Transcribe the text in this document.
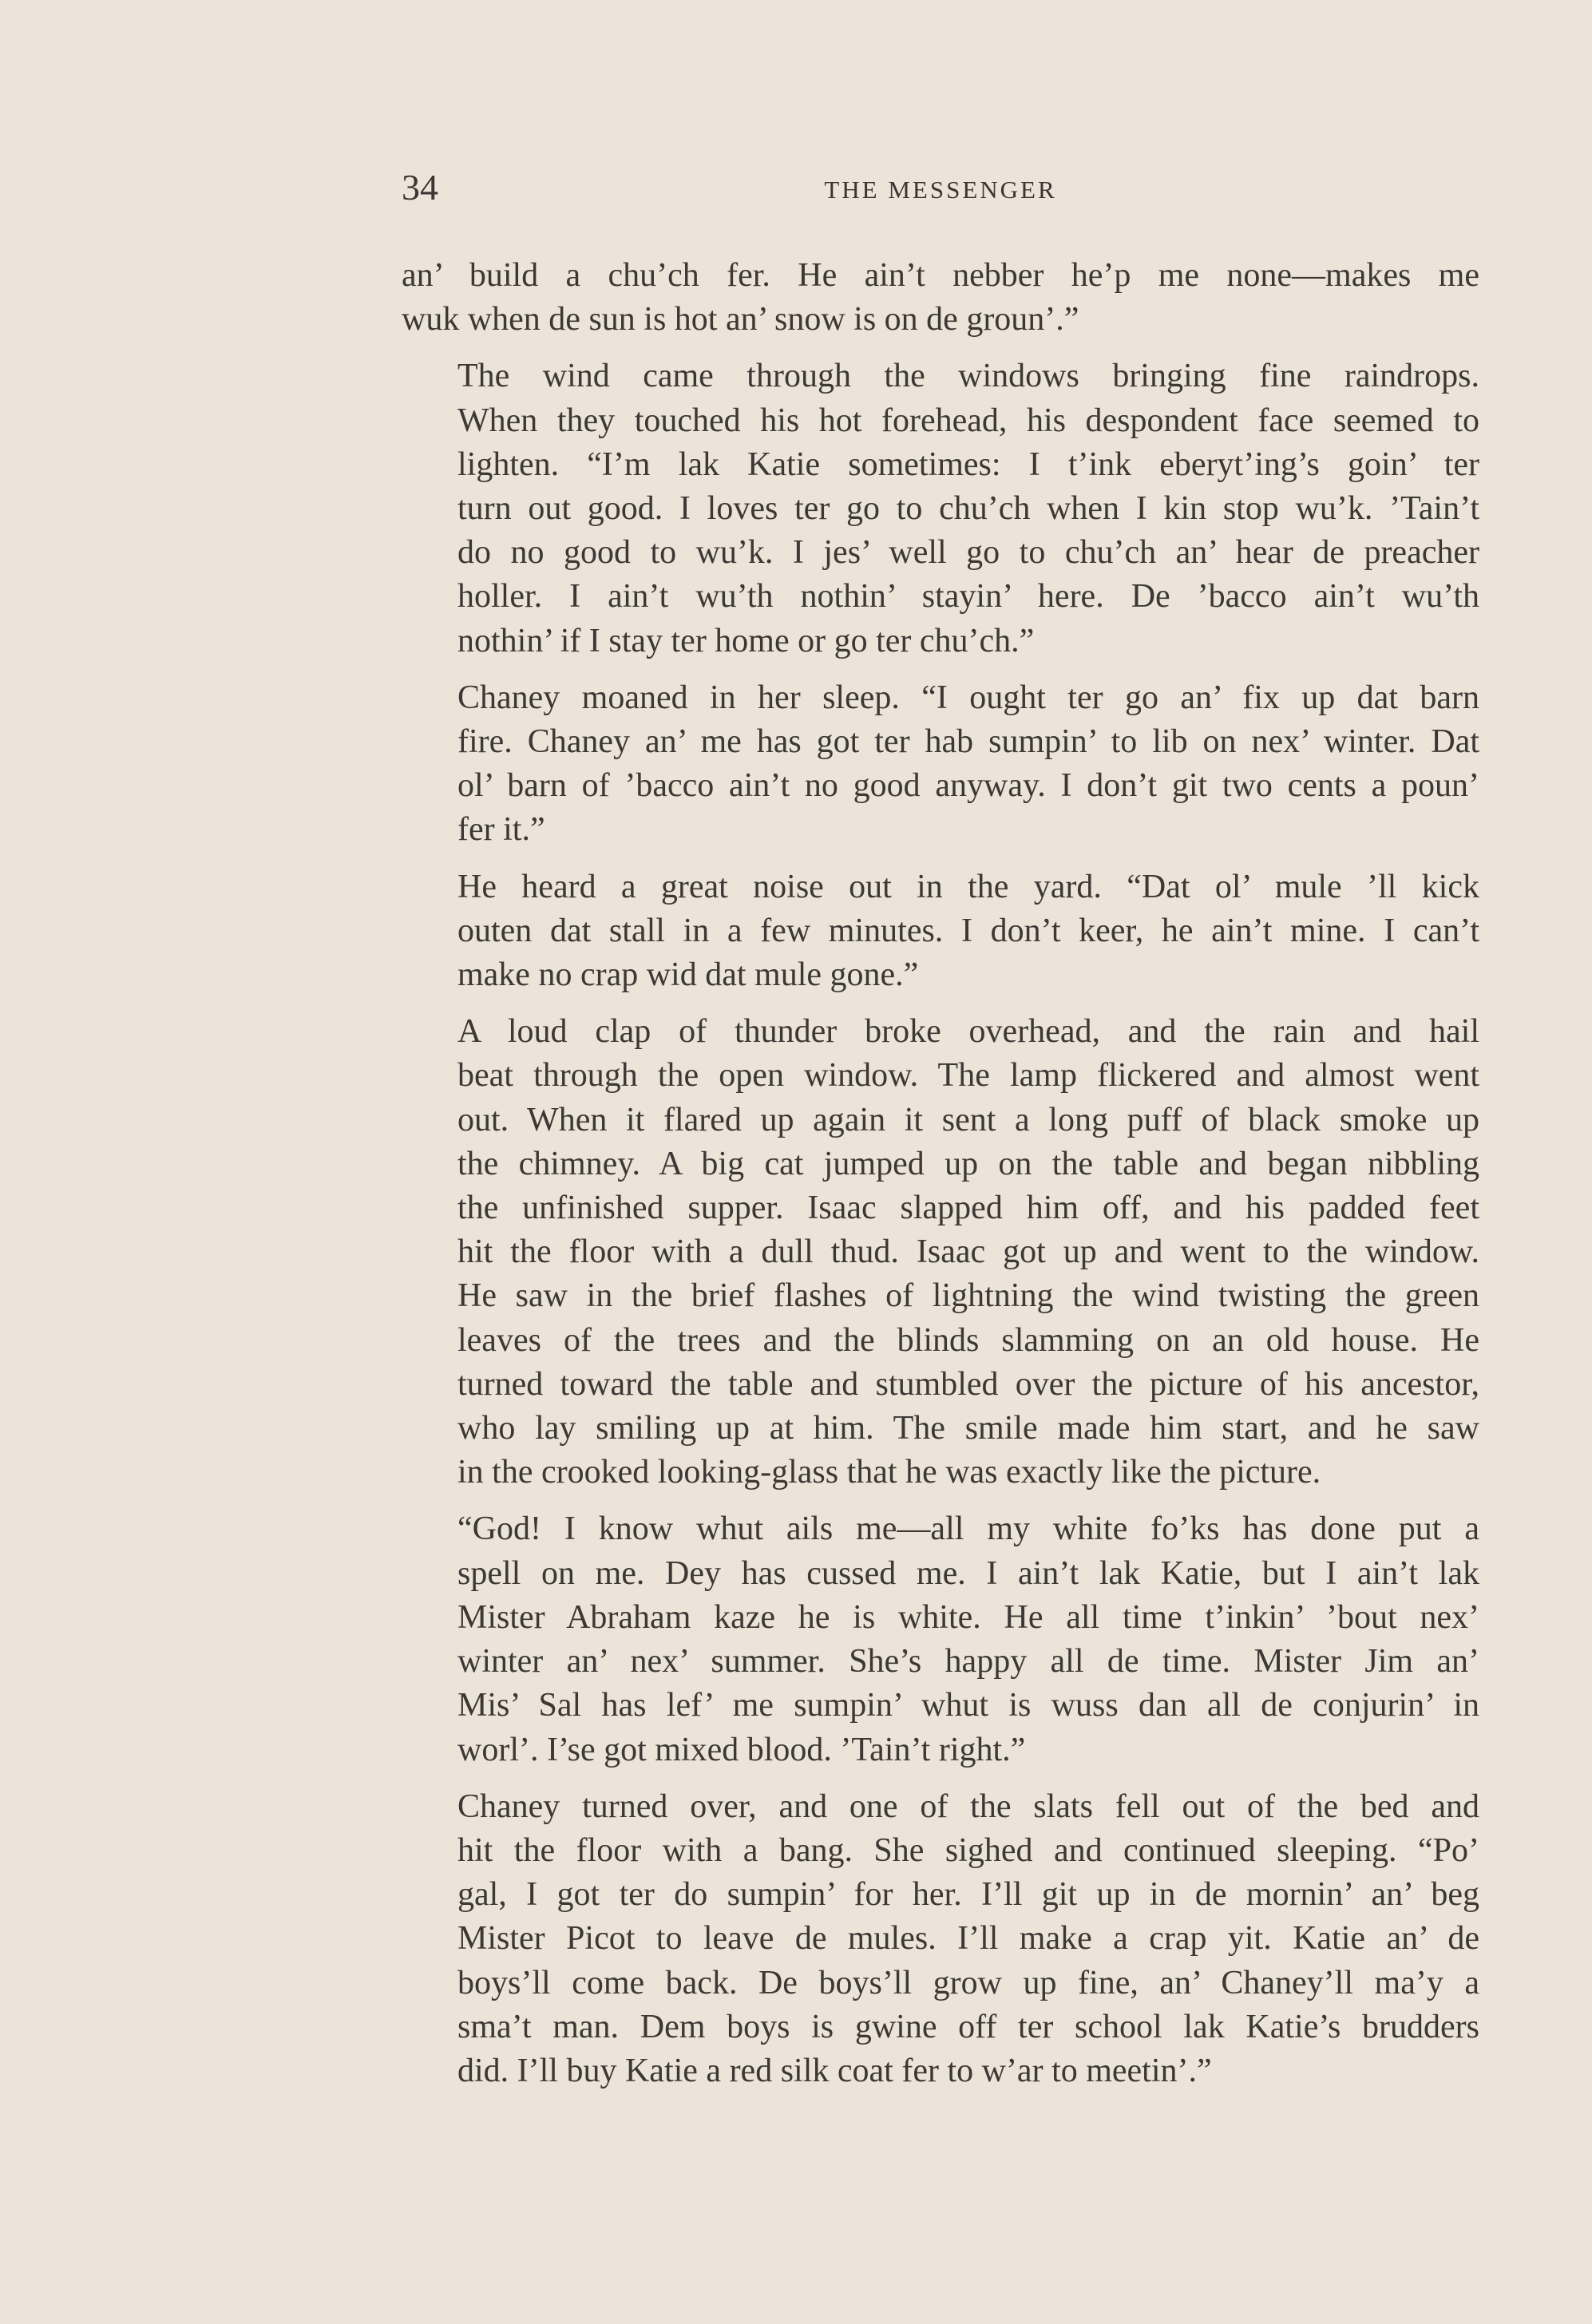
34	THE MESSENGER

an’ build a chu’ch fer. He ain’t nebber he’p me none—makes me
wuk when de sun is hot an’ snow is on de groun’.”

The wind came through the windows bringing fine raindrops.
When they touched his hot forehead, his despondent face seemed to
lighten. “I’m lak Katie sometimes: I t’ink eberyt’ing’s goin’ ter
turn out good. I loves ter go to chu’ch when I kin stop wu’k. ’Tain’t
do no good to wu’k. I jes’ well go to chu’ch an’ hear de preacher
holler. I ain’t wu’th nothin’ stayin’ here. De ’bacco ain’t wu’th
nothin’ if I stay ter home or go ter chu’ch.”

Chaney moaned in her sleep. “I ought ter go an’ fix up dat barn
fire. Chaney an’ me has got ter hab sumpin’ to lib on nex’ winter. Dat
ol’ barn of ’bacco ain’t no good anyway. I don’t git two cents a poun’
fer it.”

He heard a great noise out in the yard. “Dat ol’ mule ’ll kick
outen dat stall in a few minutes. I don’t keer, he ain’t mine. I can’t
make no crap wid dat mule gone.”

A loud clap of thunder broke overhead, and the rain and hail
beat through the open window. The lamp flickered and almost went
out. When it flared up again it sent a long puff of black smoke up
the chimney. A big cat jumped up on the table and began nibbling
the unfinished supper. Isaac slapped him off, and his padded feet
hit the floor with a dull thud. Isaac got up and went to the window.
He saw in the brief flashes of lightning the wind twisting the green
leaves of the trees and the blinds slamming on an old house. He
turned toward the table and stumbled over the picture of his ancestor,
who lay smiling up at him. The smile made him start, and he saw
in the crooked looking-glass that he was exactly like the picture.

“God! I know whut ails me—all my white fo’ks has done put a
spell on me. Dey has cussed me. I ain’t lak Katie, but I ain’t lak
Mister Abraham kaze he is white. He all time t’inkin’ ’bout nex’
winter an’ nex’ summer. She’s happy all de time. Mister Jim an’
Mis’ Sal has lef’ me sumpin’ whut is wuss dan all de conjurin’ in
worl’. I’se got mixed blood. ’Tain’t right.”

Chaney turned over, and one of the slats fell out of the bed and
hit the floor with a bang. She sighed and continued sleeping. “Po’
gal, I got ter do sumpin’ for her. I’ll git up in de mornin’ an’ beg
Mister Picot to leave de mules. I’ll make a crap yit. Katie an’ de
boys’ll come back. De boys’ll grow up fine, an’ Chaney’ll ma’y a
sma’t man. Dem boys is gwine off ter school lak Katie’s brudders
did. I’ll buy Katie a red silk coat fer to w’ar to meetin’.”
